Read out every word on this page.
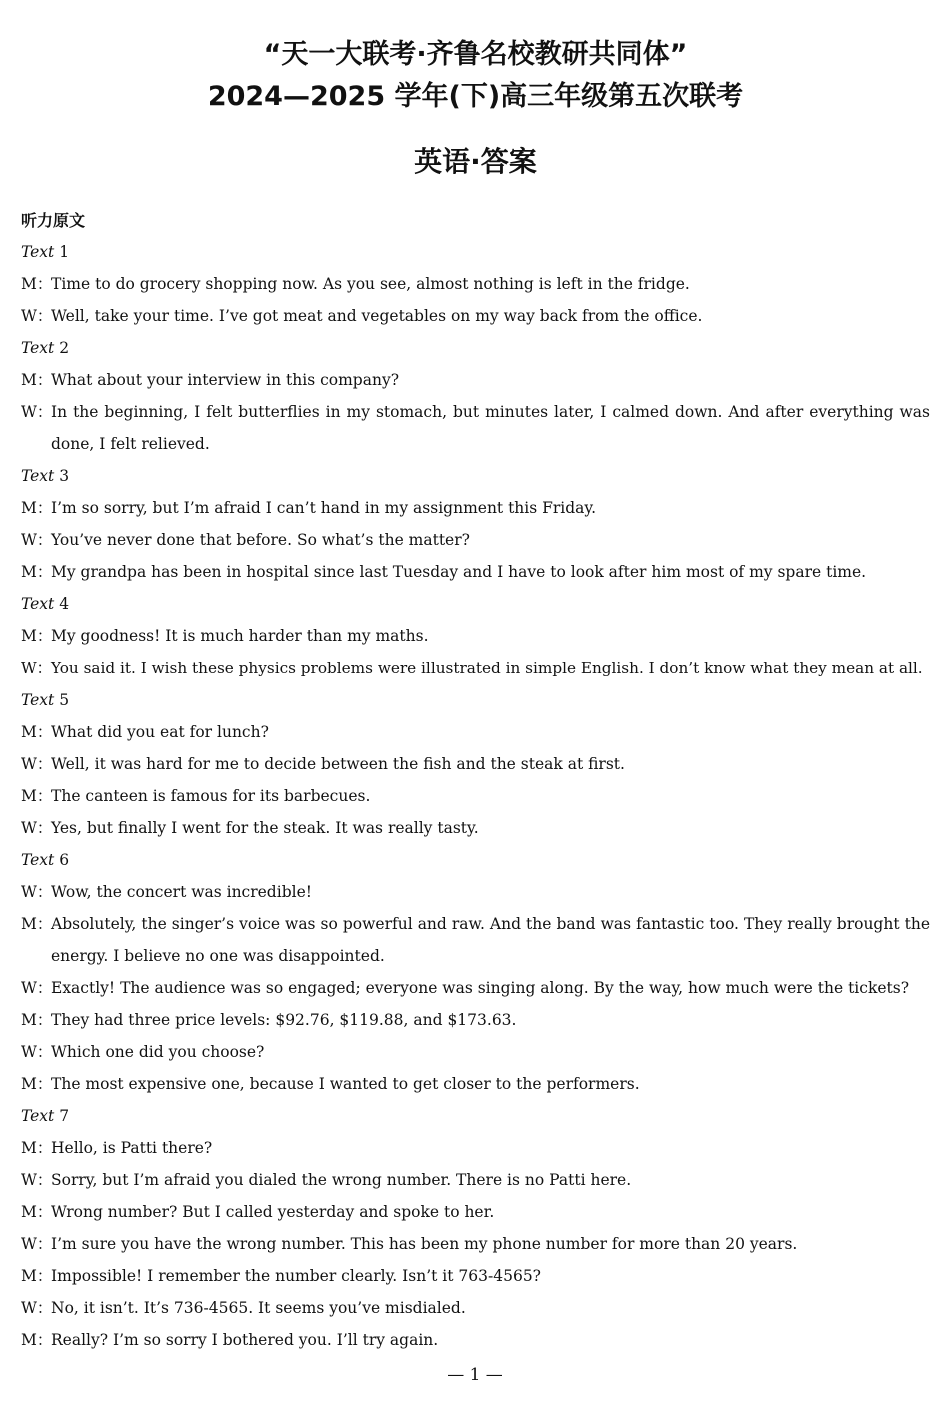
“天一大联考·齐鲁名校教研共同体”
2024—2025 学年(下)高三年级第五次联考
英语·答案
听力原文
Text 1
M：
Time to do grocery shopping now. As you see, almost nothing is left in the fridge.
W：
Well, take your time. I’ve got meat and vegetables on my way back from the office.
Text 2
M：
What about your interview in this company?
W：
In the beginning, I felt butterflies in my stomach, but minutes later, I calmed down. And after everything was done, I felt relieved.
Text 3
M：
I’m so sorry, but I’m afraid I can’t hand in my assignment this Friday.
W：
You’ve never done that before. So what’s the matter?
M：
My grandpa has been in hospital since last Tuesday and I have to look after him most of my spare time.
Text 4
M：
My goodness! It is much harder than my maths.
W： You said it. I wish these physics problems were illustrated in simple English. I don’t know what they mean at all.
Text 5
M：
What did you eat for lunch?
W：
Well, it was hard for me to decide between the fish and the steak at first.
M：
The canteen is famous for its barbecues.
W：
Yes, but finally I went for the steak. It was really tasty.
Text 6
W：
Wow, the concert was incredible!
M：
Absolutely, the singer’s voice was so powerful and raw. And the band was fantastic too. They really brought the energy. I believe no one was disappointed.
W：
Exactly! The audience was so engaged; everyone was singing along. By the way, how much were the tickets?
M：
They had three price levels: $92.76, $119.88, and $173.63.
W：
Which one did you choose?
M：
The most expensive one, because I wanted to get closer to the performers.
Text 7
M：
Hello, is Patti there?
W：
Sorry, but I’m afraid you dialed the wrong number. There is no Patti here.
M：
Wrong number? But I called yesterday and spoke to her.
W：
I’m sure you have the wrong number. This has been my phone number for more than 20 years.
M：
Impossible! I remember the number clearly. Isn’t it 763-4565?
W：
No, it isn’t. It’s 736-4565. It seems you’ve misdialed.
M：
Really? I’m so sorry I bothered you. I’ll try again.
— 1 —
